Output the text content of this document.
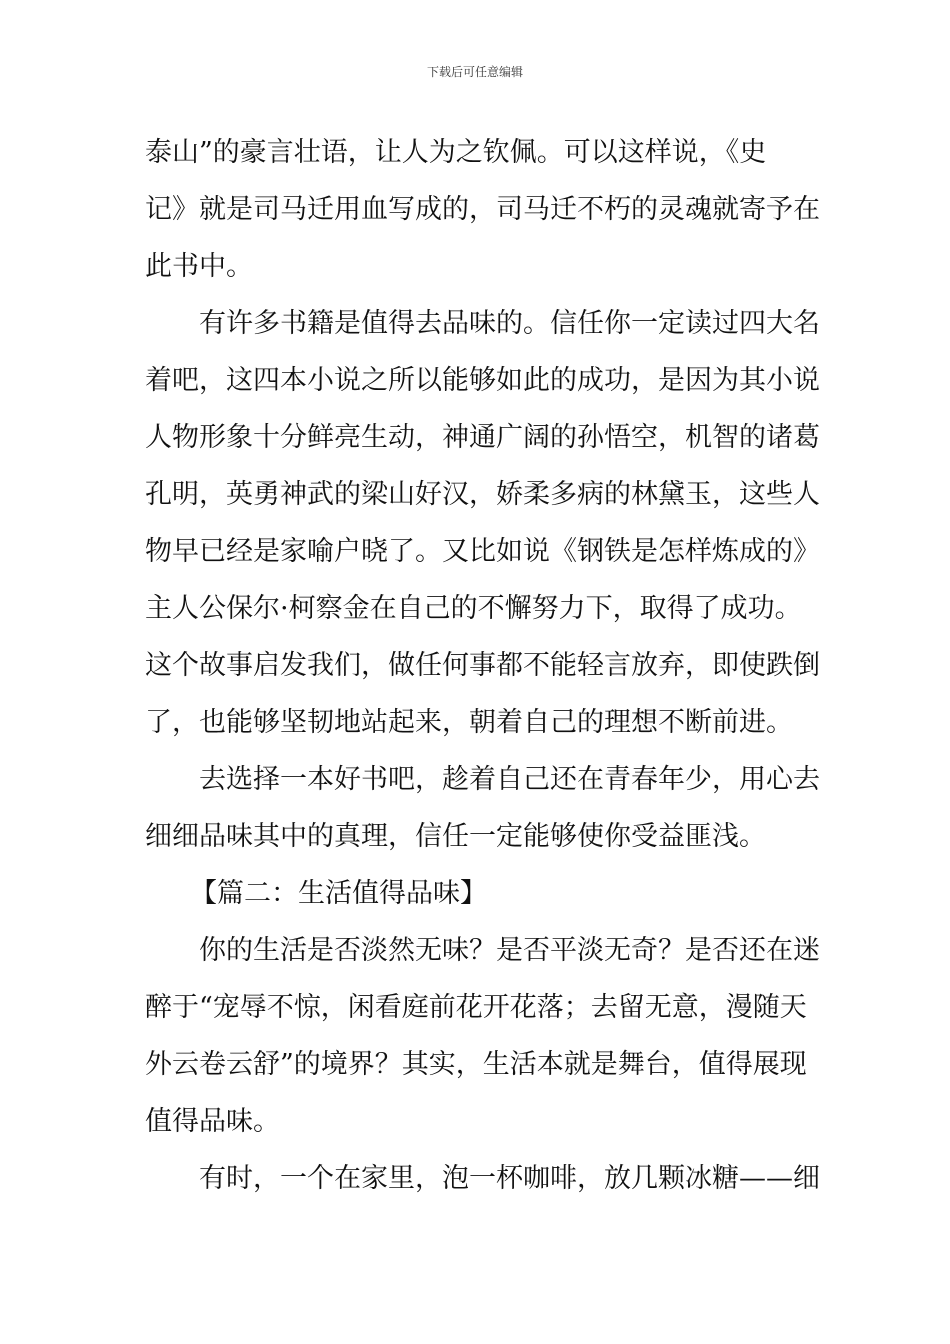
下载后可任意编辑
泰山”的豪言壮语，让人为之钦佩。可以这样说，《史
记》就是司马迁用血写成的，司马迁不朽的灵魂就寄予在
此书中。
有许多书籍是值得去品味的。信任你一定读过四大名
着吧，这四本小说之所以能够如此的成功，是因为其小说
人物形象十分鲜亮生动，神通广阔的孙悟空，机智的诸葛
孔明，英勇神武的梁山好汉，娇柔多病的林黛玉，这些人
物早已经是家喻户晓了。又比如说《钢铁是怎样炼成的》
主人公保尔·柯察金在自己的不懈努力下，取得了成功。
这个故事启发我们，做任何事都不能轻言放弃，即使跌倒
了，也能够坚韧地站起来，朝着自己的理想不断前进。
去选择一本好书吧，趁着自己还在青春年少，用心去
细细品味其中的真理，信任一定能够使你受益匪浅。
【篇二：生活值得品味】
你的生活是否淡然无味？是否平淡无奇？是否还在迷
醉于“宠辱不惊，闲看庭前花开花落；去留无意，漫随天
外云卷云舒”的境界？其实，生活本就是舞台，值得展现
值得品味。
有时，一个在家里，泡一杯咖啡，放几颗冰糖——细
